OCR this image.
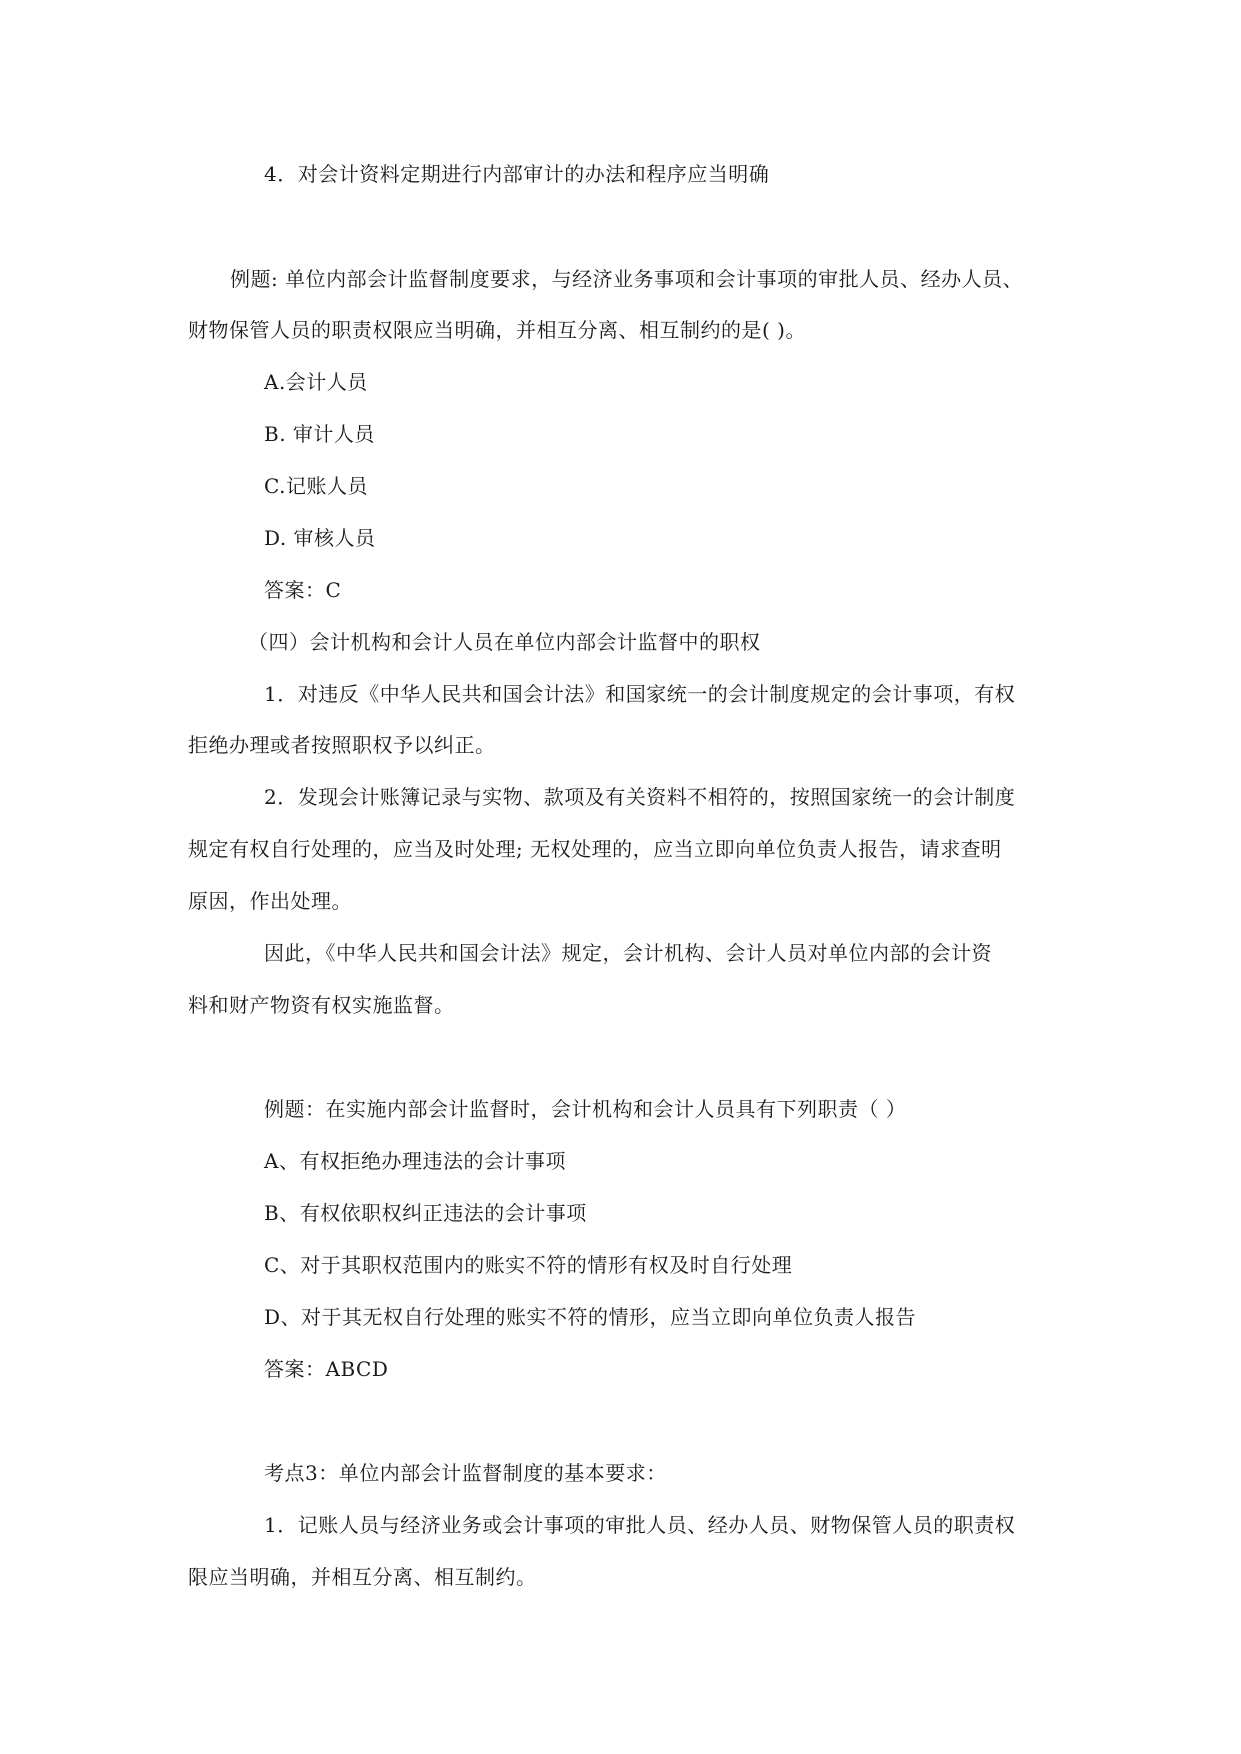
4．对会计资料定期进行内部审计的办法和程序应当明确
例题: 单位内部会计监督制度要求，与经济业务事项和会计事项的审批人员、经办人员、
财物保管人员的职责权限应当明确，并相互分离、相互制约的是( )。
A.会计人员
B. 审计人员
C.记账人员
D. 审核人员
答案：C
（四）会计机构和会计人员在单位内部会计监督中的职权
1．对违反《中华人民共和国会计法》和国家统一的会计制度规定的会计事项，有权
拒绝办理或者按照职权予以纠正。
2．发现会计账簿记录与实物、款项及有关资料不相符的，按照国家统一的会计制度
规定有权自行处理的，应当及时处理; 无权处理的，应当立即向单位负责人报告，请求查明
原因，作出处理。
因此，《中华人民共和国会计法》规定，会计机构、会计人员对单位内部的会计资
料和财产物资有权实施监督。
例题：在实施内部会计监督时，会计机构和会计人员具有下列职责（ ）
A、有权拒绝办理违法的会计事项
B、有权依职权纠正违法的会计事项
C、对于其职权范围内的账实不符的情形有权及时自行处理
D、对于其无权自行处理的账实不符的情形，应当立即向单位负责人报告
答案：ABCD
考点3：单位内部会计监督制度的基本要求：
1．记账人员与经济业务或会计事项的审批人员、经办人员、财物保管人员的职责权
限应当明确，并相互分离、相互制约。
